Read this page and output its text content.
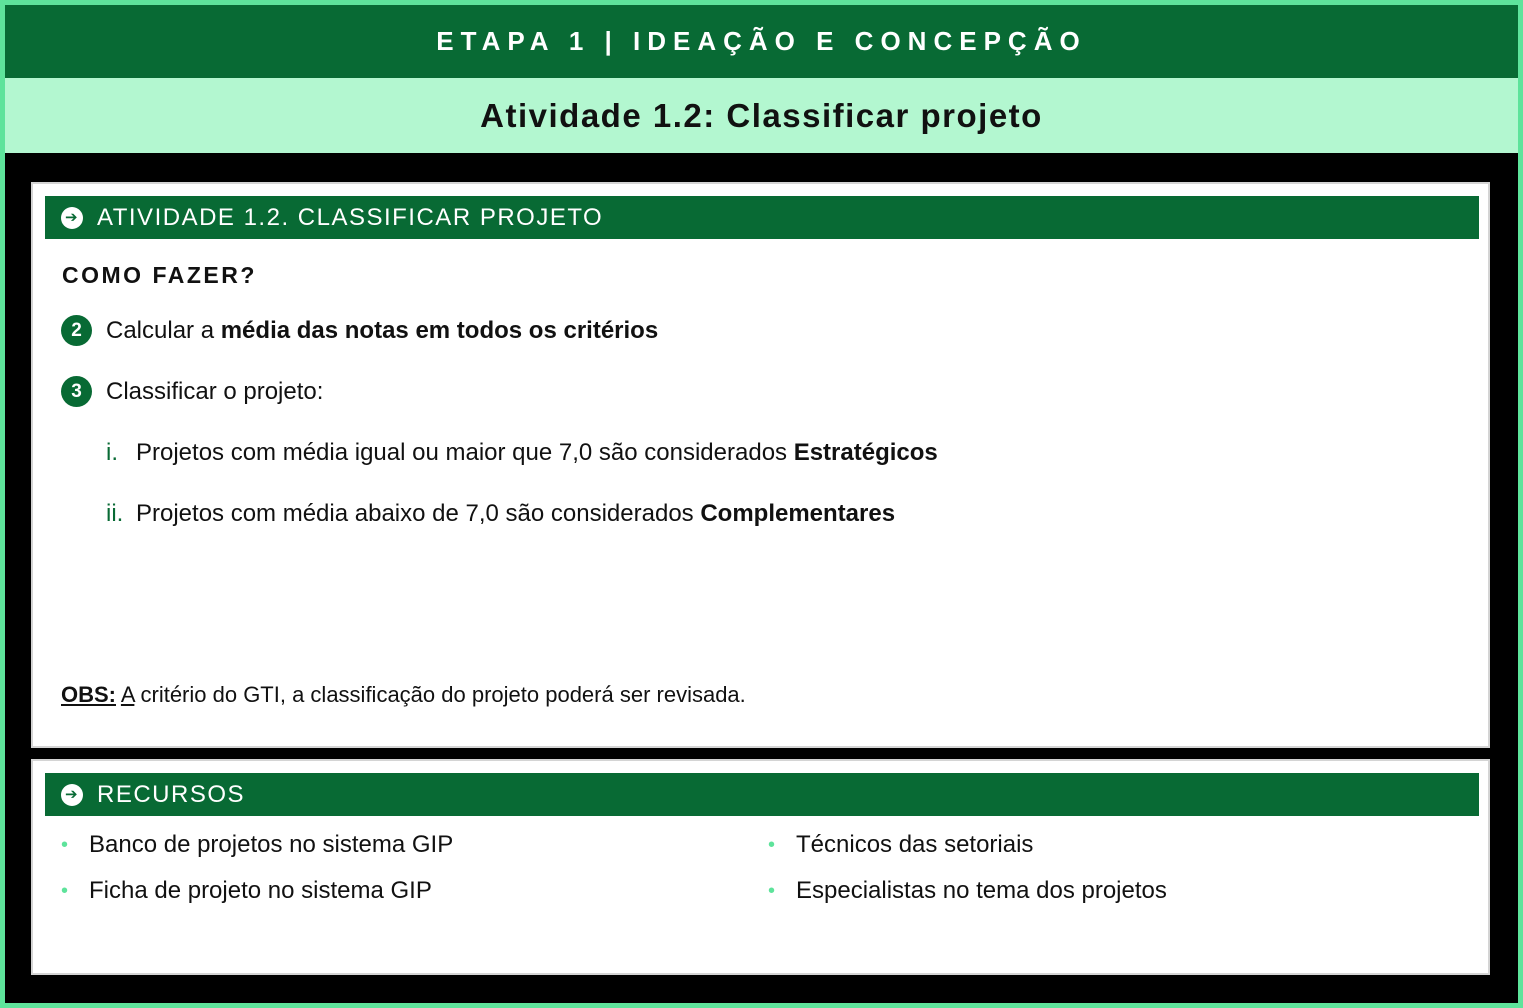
ETAPA 1 | IDEAÇÃO E CONCEPÇÃO
Atividade 1.2: Classificar projeto
➔ ATIVIDADE 1.2. CLASSIFICAR PROJETO
COMO FAZER?
2	Calcular a média das notas em todos os critérios
3	Classificar o projeto:
i. Projetos com média igual ou maior que 7,0 são considerados Estratégicos
ii. Projetos com média abaixo de 7,0 são considerados Complementares
OBS: A critério do GTI, a classificação do projeto poderá ser revisada.
➔ RECURSOS
• Banco de projetos no sistema GIP
• Ficha de projeto no sistema GIP
• Técnicos das setoriais
• Especialistas no tema dos projetos
